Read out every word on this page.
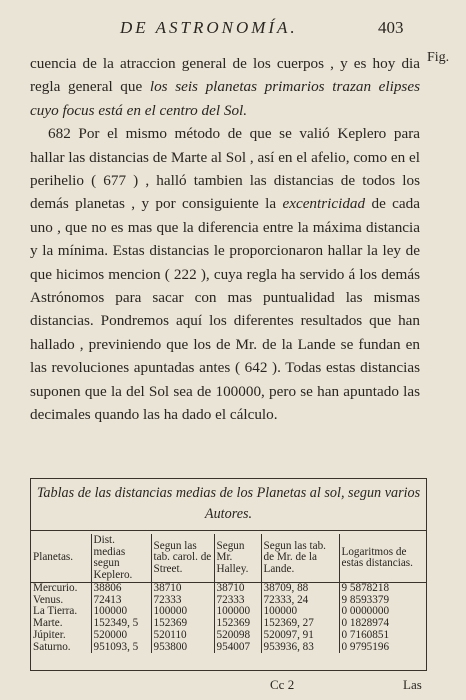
DE ASTRONOMÍA.	403
Fig.

cuencia de la atraccion general de los cuerpos , y es hoy dia regla general que los seis planetas primarios trazan elipses cuyo focus está en el centro del Sol.

682 Por el mismo método de que se valió Keplero para hallar las distancias de Marte al Sol , así en el afelio, como en el perihelio ( 677 ) , halló tambien las distancias de todos los demás planetas , y por consiguiente la excentricidad de cada uno , que no es mas que la diferencia entre la máxima distancia y la mínima. Estas distancias le proporcionaron hallar la ley de que hicimos mencion ( 222 ), cuya regla ha servido á los demás Astrónomos para sacar con mas puntualidad las mismas distancias. Pondremos aquí los diferentes resultados que han hallado , previniendo que los de Mr. de la Lande se fundan en las revoluciones apuntadas antes ( 642 ). Todas estas distancias suponen que la del Sol sea de 100000, pero se han apuntado las decimales quando las ha dado el cálculo.

Tablas de las distancias medias de los Planetas al sol, segun varios Autores.
Planetas.	Dist. medias segun Keplero.	Segun las tab. carol. de Street.	Segun Mr. Halley.	Segun las tab. de Mr. de la Lande.	Logaritmos de estas distancias.
Mercurio.	38806	38710	38710	38709, 88	9 5878218
Venus.	72413	72333	72333	72333, 24	9 8593379
La Tierra.	100000	100000	100000	100000	0 0000000
Marte.	152349, 5	152369	152369	152369, 27	0 1828974
Júpiter.	520000	520110	520098	520097, 91	0 7160851
Saturno.	951093, 5	953800	954007	953936, 83	0 9795196
Cc 2	Las
